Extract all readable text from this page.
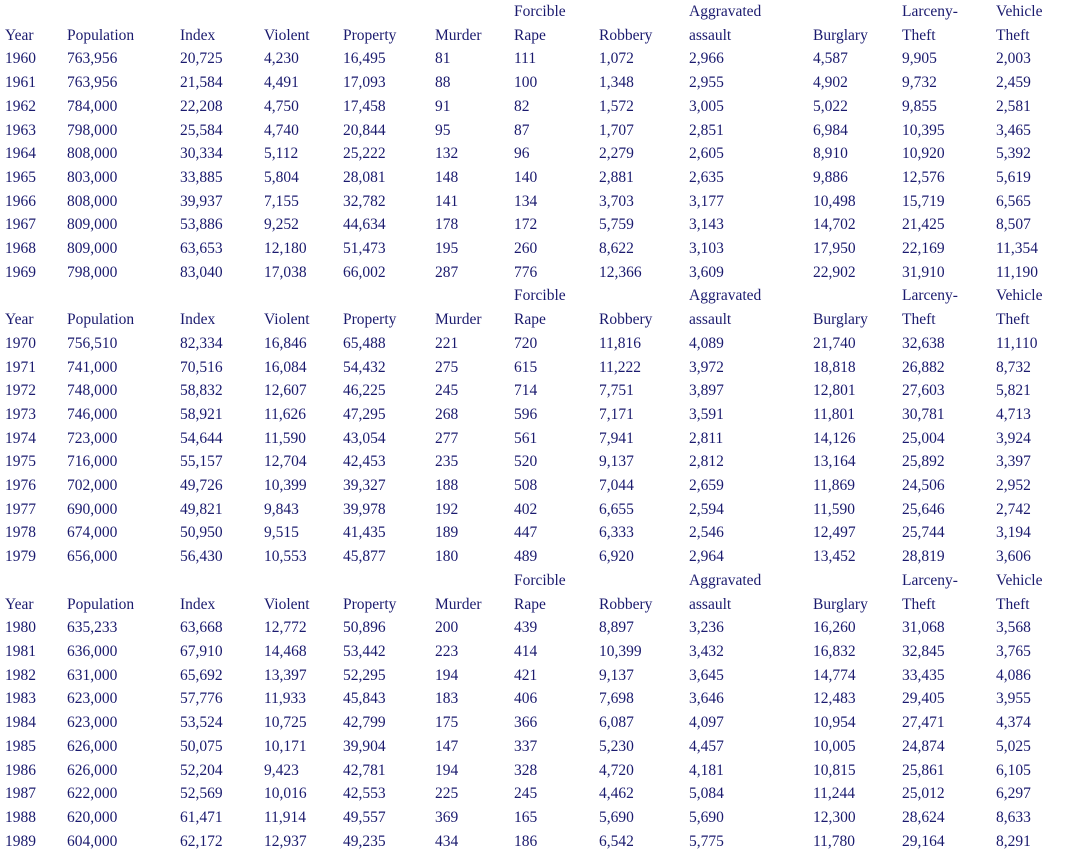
						Forcible		Aggravated		Larceny-	Vehicle
Year	Population	Index	Violent	Property	Murder	Rape	Robbery	assault	Burglary	Theft	Theft
1960	763,956	20,725	4,230	16,495	81	111	1,072	2,966	4,587	9,905	2,003
1961	763,956	21,584	4,491	17,093	88	100	1,348	2,955	4,902	9,732	2,459
1962	784,000	22,208	4,750	17,458	91	82	1,572	3,005	5,022	9,855	2,581
1963	798,000	25,584	4,740	20,844	95	87	1,707	2,851	6,984	10,395	3,465
1964	808,000	30,334	5,112	25,222	132	96	2,279	2,605	8,910	10,920	5,392
1965	803,000	33,885	5,804	28,081	148	140	2,881	2,635	9,886	12,576	5,619
1966	808,000	39,937	7,155	32,782	141	134	3,703	3,177	10,498	15,719	6,565
1967	809,000	53,886	9,252	44,634	178	172	5,759	3,143	14,702	21,425	8,507
1968	809,000	63,653	12,180	51,473	195	260	8,622	3,103	17,950	22,169	11,354
1969	798,000	83,040	17,038	66,002	287	776	12,366	3,609	22,902	31,910	11,190
						Forcible		Aggravated		Larceny-	Vehicle
Year	Population	Index	Violent	Property	Murder	Rape	Robbery	assault	Burglary	Theft	Theft
1970	756,510	82,334	16,846	65,488	221	720	11,816	4,089	21,740	32,638	11,110
1971	741,000	70,516	16,084	54,432	275	615	11,222	3,972	18,818	26,882	8,732
1972	748,000	58,832	12,607	46,225	245	714	7,751	3,897	12,801	27,603	5,821
1973	746,000	58,921	11,626	47,295	268	596	7,171	3,591	11,801	30,781	4,713
1974	723,000	54,644	11,590	43,054	277	561	7,941	2,811	14,126	25,004	3,924
1975	716,000	55,157	12,704	42,453	235	520	9,137	2,812	13,164	25,892	3,397
1976	702,000	49,726	10,399	39,327	188	508	7,044	2,659	11,869	24,506	2,952
1977	690,000	49,821	9,843	39,978	192	402	6,655	2,594	11,590	25,646	2,742
1978	674,000	50,950	9,515	41,435	189	447	6,333	2,546	12,497	25,744	3,194
1979	656,000	56,430	10,553	45,877	180	489	6,920	2,964	13,452	28,819	3,606
						Forcible		Aggravated		Larceny-	Vehicle
Year	Population	Index	Violent	Property	Murder	Rape	Robbery	assault	Burglary	Theft	Theft
1980	635,233	63,668	12,772	50,896	200	439	8,897	3,236	16,260	31,068	3,568
1981	636,000	67,910	14,468	53,442	223	414	10,399	3,432	16,832	32,845	3,765
1982	631,000	65,692	13,397	52,295	194	421	9,137	3,645	14,774	33,435	4,086
1983	623,000	57,776	11,933	45,843	183	406	7,698	3,646	12,483	29,405	3,955
1984	623,000	53,524	10,725	42,799	175	366	6,087	4,097	10,954	27,471	4,374
1985	626,000	50,075	10,171	39,904	147	337	5,230	4,457	10,005	24,874	5,025
1986	626,000	52,204	9,423	42,781	194	328	4,720	4,181	10,815	25,861	6,105
1987	622,000	52,569	10,016	42,553	225	245	4,462	5,084	11,244	25,012	6,297
1988	620,000	61,471	11,914	49,557	369	165	5,690	5,690	12,300	28,624	8,633
1989	604,000	62,172	12,937	49,235	434	186	6,542	5,775	11,780	29,164	8,291
